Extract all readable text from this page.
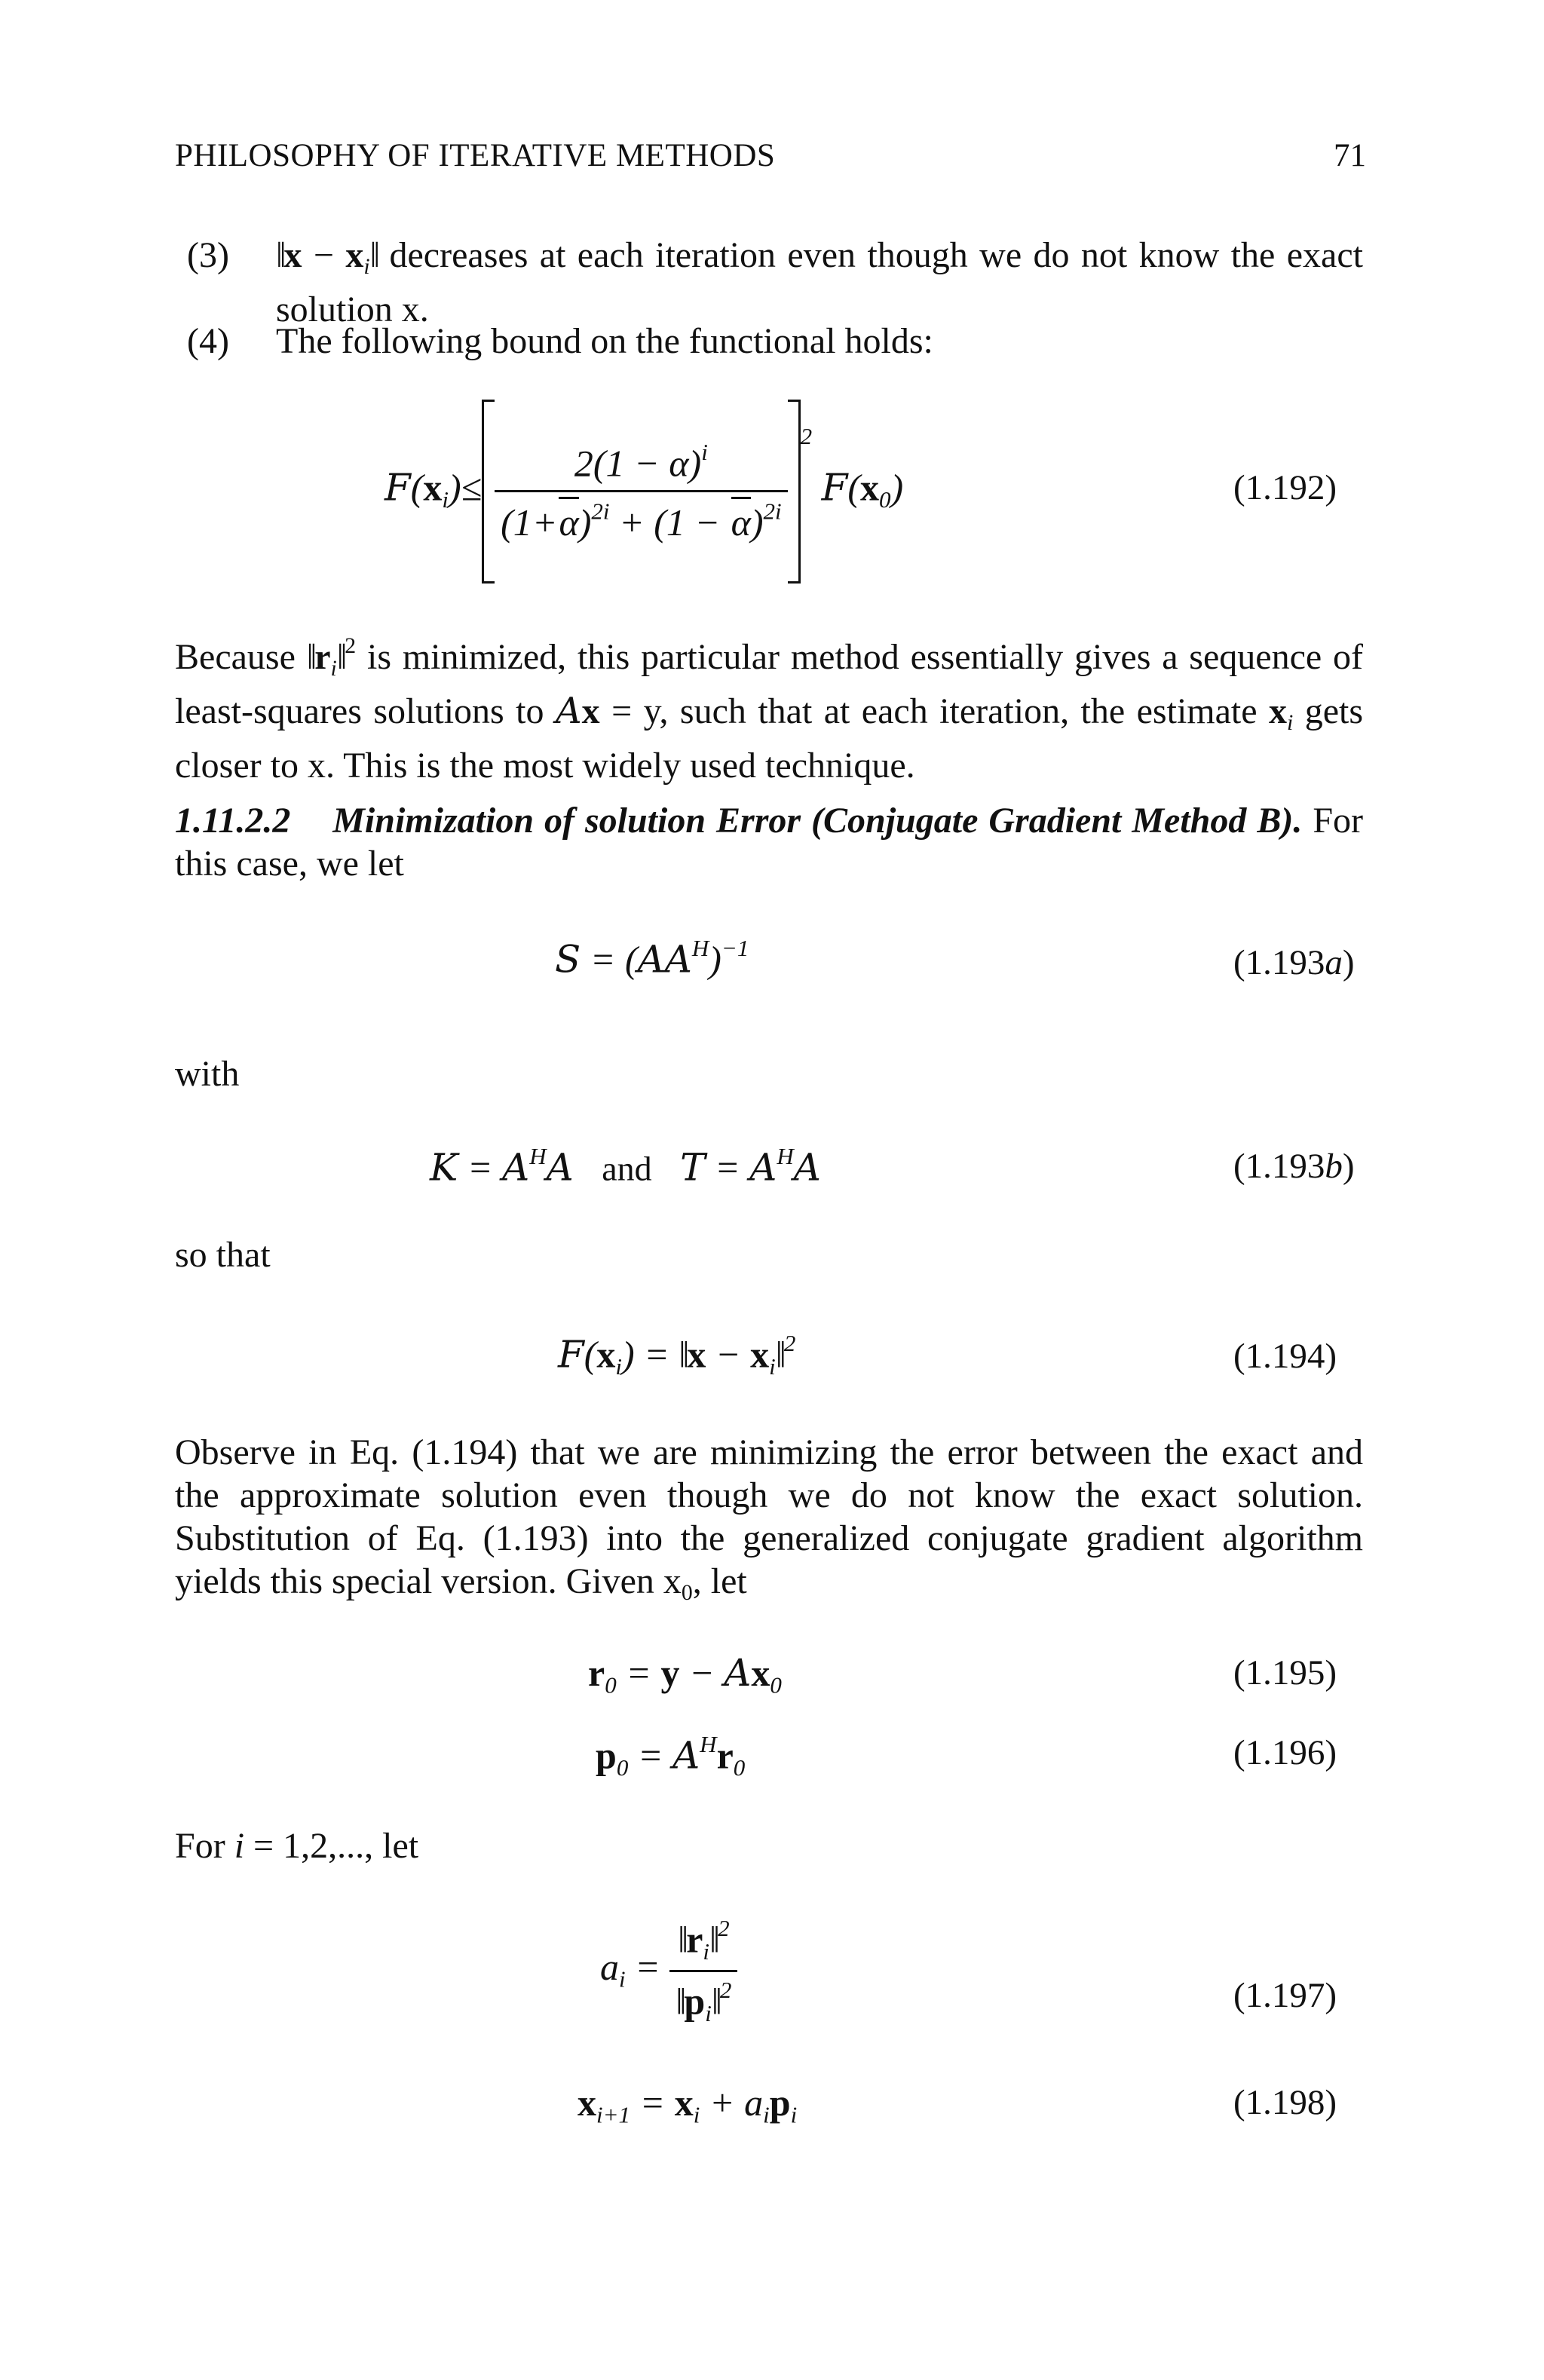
PHILOSOPHY OF ITERATIVE METHODS	71
(3) ‖x − $x_i‖$ decreases at each iteration even though we do not know the exact solution x.
(4) The following bound on the functional holds:
$F(x_i)\le \frac{2(1 - \alpha)^i}{(1+\alpha)^{2i} + (1 - \alpha)^{2i}}$
$^2$ $F(x_0)$	(1.192)
Because $‖r_i‖^2$ is minimized, this particular method essentially gives a sequence of least-squares solutions to Ax = y, such that at each iteration, the estimate $x_i$ gets closer to x. This is the most widely used technique.
1.11.2.2 Minimization of solution Error (Conjugate Gradient Method B). For this case, we let
$S = (AA^H)^{-1}$	(1.193a)
with
$K = A^HA$ and $T = A^HA$	(1.193b)
so that
$F(x_i)$ = ‖x − $x_i‖^2$	(1.194)
Observe in Eq. (1.194) that we are minimizing the error between the exact and the approximate solution even though we do not know the exact solution. Substitution of Eq. (1.193) into the generalized conjugate gradient algorithm yields this special version. Given $x_0$, let
$r_0 = y - Ax_0$	(1.195)
$p_0 = A^Hr_0$	(1.196)
For i = 1,2,..., let
$a_i = \frac{‖r_i‖^2}{‖p_i‖^2}$	(1.197)
$x_{i+1} = x_i + a_ip_i$	(1.198)
